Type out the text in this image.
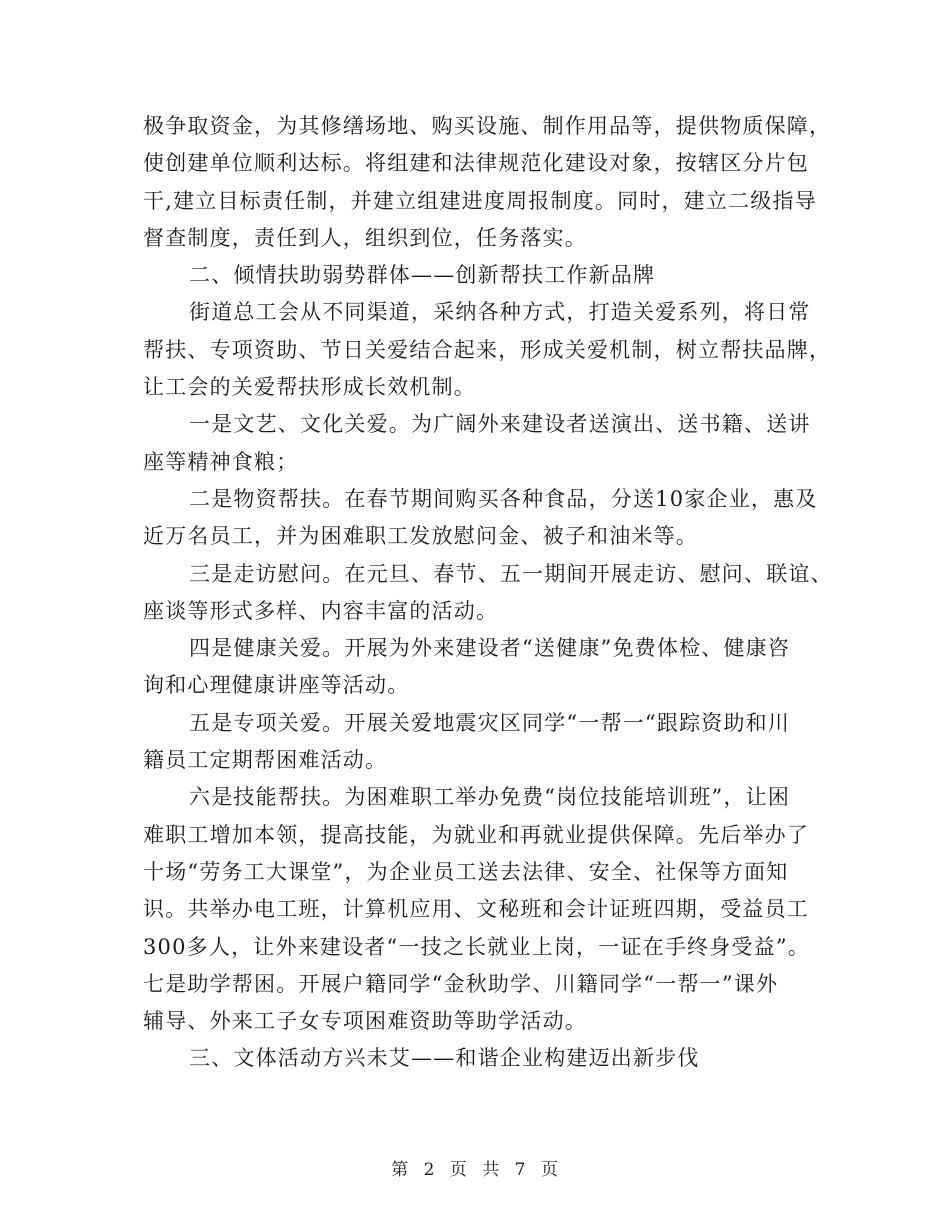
极争取资金，为其修缮场地、购买设施、制作用品等，提供物质保障，
使创建单位顺利达标。将组建和法律规范化建设对象，按辖区分片包
干,建立目标责任制，并建立组建进度周报制度。同时，建立二级指导
督查制度，责任到人，组织到位，任务落实。
二、倾情扶助弱势群体——创新帮扶工作新品牌
街道总工会从不同渠道，采纳各种方式，打造关爱系列，将日常
帮扶、专项资助、节日关爱结合起来，形成关爱机制，树立帮扶品牌，
让工会的关爱帮扶形成长效机制。
一是文艺、文化关爱。为广阔外来建设者送演出、送书籍、送讲
座等精神食粮；
二是物资帮扶。在春节期间购买各种食品，分送10家企业，惠及
近万名员工，并为困难职工发放慰问金、被子和油米等。
三是走访慰问。在元旦、春节、五一期间开展走访、慰问、联谊、
座谈等形式多样、内容丰富的活动。
四是健康关爱。开展为外来建设者“送健康”免费体检、健康咨
询和心理健康讲座等活动。
五是专项关爱。开展关爱地震灾区同学“一帮一“跟踪资助和川
籍员工定期帮困难活动。
六是技能帮扶。为困难职工举办免费“岗位技能培训班”，让困
难职工增加本领，提高技能，为就业和再就业提供保障。先后举办了
十场“劳务工大课堂”，为企业员工送去法律、安全、社保等方面知
识。共举办电工班，计算机应用、文秘班和会计证班四期，受益员工
300多人，让外来建设者“一技之长就业上岗，一证在手终身受益”。
七是助学帮困。开展户籍同学“金秋助学、川籍同学“一帮一”课外
辅导、外来工子女专项困难资助等助学活动。
三、文体活动方兴未艾——和谐企业构建迈出新步伐
第 2 页 共 7 页
